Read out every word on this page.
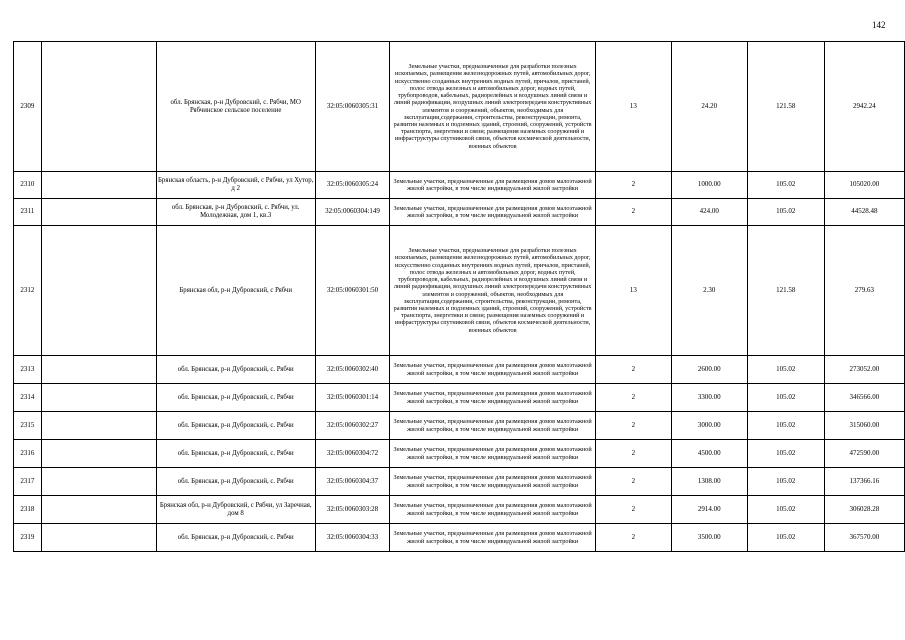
142
2309		обл. Брянская, р-н Дубровский, с. Рябчи, МО Рябчинское сельское поселение	32:05:0060305:31	Земельные участки, предназначенные для разработки полезных ископаемых, размещения железнодорожных путей, автомобильных дорог, искусственно созданных внутренних водных путей, причалов, пристаней, полос отвода железных и автомобильных дорог, водных путей, трубопроводов, кабельных, радиорелейных и воздушных линий связи и линий радиофикации, воздушных линий электропередачи конструктивных элементов и сооружений, объектов, необходимых для эксплуатации,содержания, строительства, реконструкции, ремонта, развития наземных и подземных зданий, строений, сооружений, устройств транспорта, энергетики и связи; размещения наземных сооружений и инфраструктуры спутниковой связи, объектов космической деятельности, военных объектов	13	24.20	121.58	2942.24
2310		Брянская область, р-н Дубровский, с Рябчи, ул Хутор, д 2	32:05:0060305:24	Земельные участки, предназначенные для размещения домов малоэтажной жилой застройки, в том числе индивидуальной жилой застройки	2	1000.00	105.02	105020.00
2311		обл. Брянская, р-н Дубровский, с. Рябчи, ул. Молодежная, дом 1, кв.3	32:05:0060304:149	Земельные участки, предназначенные для размещения домов малоэтажной жилой застройки, в том числе индивидуальной жилой застройки	2	424.00	105.02	44528.48
2312		Брянская обл, р-н Дубровский, с Рябчи	32:05:0060301:50	Земельные участки, предназначенные для разработки полезных ископаемых, размещения железнодорожных путей, автомобильных дорог, искусственно созданных внутренних водных путей, причалов, пристаней, полос отвода железных и автомобильных дорог, водных путей, трубопроводов, кабельных, радиорелейных и воздушных линий связи и линий радиофикации, воздушных линий электропередачи конструктивных элементов и сооружений, объектов, необходимых для эксплуатации,содержания, строительства, реконструкции, ремонта, развития наземных и подземных зданий, строений, сооружений, устройств транспорта, энергетики и связи; размещения наземных сооружений и инфраструктуры спутниковой связи, объектов космической деятельности, военных объектов	13	2.30	121.58	279.63
2313		обл. Брянская, р-н Дубровский, с. Рябчи	32:05:0060302:40	Земельные участки, предназначенные для размещения домов малоэтажной жилой застройки, в том числе индивидуальной жилой застройки	2	2600.00	105.02	273052.00
2314		обл. Брянская, р-н Дубровский, с. Рябчи	32:05:0060301:14	Земельные участки, предназначенные для размещения домов малоэтажной жилой застройки, в том числе индивидуальной жилой застройки	2	3300.00	105.02	346566.00
2315		обл. Брянская, р-н Дубровский, с. Рябчи	32:05:0060302:27	Земельные участки, предназначенные для размещения домов малоэтажной жилой застройки, в том числе индивидуальной жилой застройки	2	3000.00	105.02	315060.00
2316		обл. Брянская, р-н Дубровский, с. Рябчи	32:05:0060304:72	Земельные участки, предназначенные для размещения домов малоэтажной жилой застройки, в том числе индивидуальной жилой застройки	2	4500.00	105.02	472590.00
2317		обл. Брянская, р-н Дубровский, с. Рябчи	32:05:0060304:37	Земельные участки, предназначенные для размещения домов малоэтажной жилой застройки, в том числе индивидуальной жилой застройки	2	1308.00	105.02	137366.16
2318		Брянская обл, р-н Дубровский, с Рябчи, ул Заречная, дом 8	32:05:0060303:28	Земельные участки, предназначенные для размещения домов малоэтажной жилой застройки, в том числе индивидуальной жилой застройки	2	2914.00	105.02	306028.28
2319		обл. Брянская, р-н Дубровский, с. Рябчи	32:05:0060304:33	Земельные участки, предназначенные для размещения домов малоэтажной жилой застройки, в том числе индивидуальной жилой застройки	2	3500.00	105.02	367570.00
